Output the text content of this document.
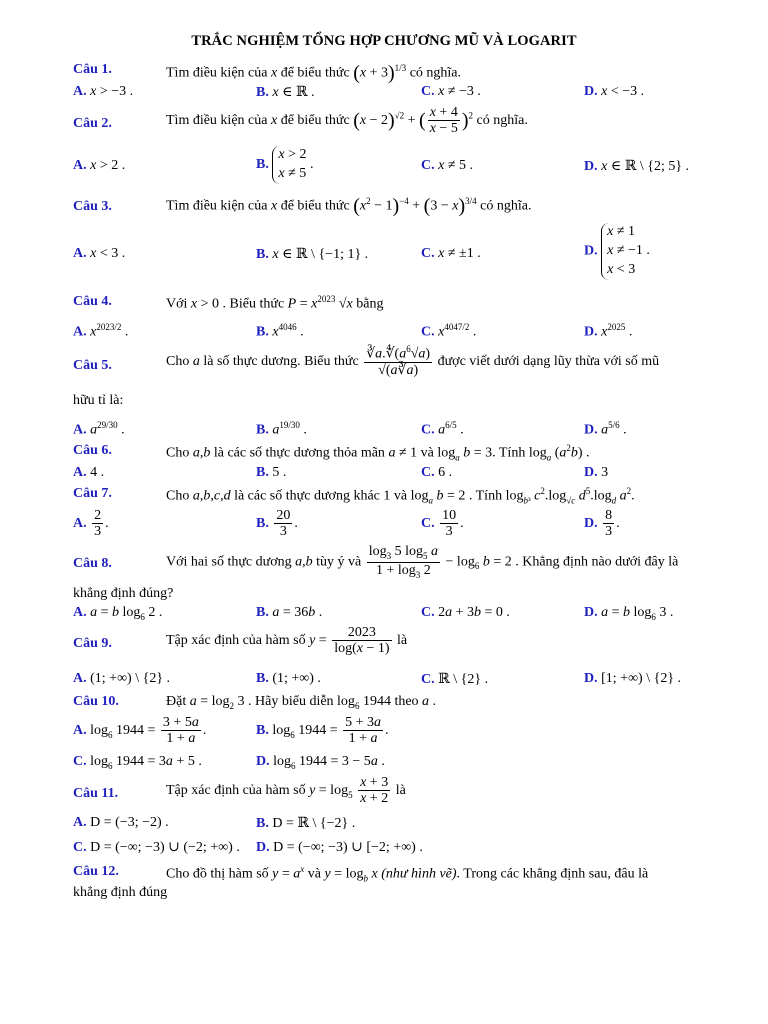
TRẮC NGHIỆM TỔNG HỢP CHƯƠNG MŨ VÀ LOGARIT
Câu 1.	Tìm điều kiện của x để biểu thức $(x + 3)^{1/3}$ có nghĩa.
A. x > −3 .	B. x ∈ ℝ .	C. x ≠ −3 .	D. x < −3 .
Câu 2.	Tìm điều kiện của x để biểu thức $(x - 2)^{√2}$ + ( $\frac{x + 4}{x - 5} )^2$ có nghĩa.
A. x > 2 .	B. x > 2
x ≠ 5 .	C. x ≠ 5 .	D. x ∈ ℝ \ {2; 5} .
Câu 3.	Tìm điều kiện của x để biểu thức $(x^2 - 1)^{-4} + (3 - x)^{3/4}$ có nghĩa.
A. x < 3 .	B. x ∈ ℝ \ {−1; 1} .	C. x ≠ ±1 .	D. x ≠ 1
x ≠ −1 .
x < 3
Câu 4.	Với x > 0 . Biểu thức $P = x^{2023}$ √x bằng
A. $x^{2023/2}$ .	B. $x^{4046}$ .	C. $x^{4047/2}$ .	D. $x^{2025}$ .
Câu 5.	Cho a là số thực dương. Biểu thức $\frac{∛a.∜(a^6√a)}{√(a∛a)}$ được viết dưới dạng lũy thừa với số mũ
hữu tỉ là:
A. $a^{29/30}$ .	B. $a^{19/30}$ .	C. $a^{6/5}$ .	D. $a^{5/6}$ .
Câu 6.	Cho a,b là các số thực dương thỏa mãn a ≠ 1 và $\log_a b = 3$. Tính $\log_a (a^2b)$ .
A. 4 .	B. 5 .	C. 6 .	D. 3
Câu 7.	Cho a,b,c,d là các số thực dương khác 1 và $\log_a b = 2$ . Tính $\log_{b^3} c^2.\log_{√c}$ $d^5.\log_d$ $a^2$.
A. $\frac{2}{3}$ .	B. $\frac{20}{3}$ .	C. $\frac{10}{3}$ .	D. $\frac{8}{3}$ .
Câu 8.	Với hai số thực dương a,b tùy ý và $\frac{\log_3 5 \log_5 a}{1 + \log_3 2} - \log_6 b = 2$ . Khẳng định nào dưới đây là
khẳng định đúng?
A. a = b $\log_6 2$ .	B. a = 36b .	C. 2a + 3b = 0 .	D. a = b $\log_6 3$ .
Câu 9.	Tập xác định của hàm số $y = \frac{2023}{\log(x - 1)}$ là
A. (1; +∞) \ {2} .	B. (1; +∞) .	C. ℝ \ {2} .	D. [1; +∞) \ {2} .
Câu 10.	Đặt $a = \log_2 3$ . Hãy biểu diễn $\log_6 1944$ theo a .
A. $\log_6 1944 = \frac{3 + 5a}{1 + a}$ .	B. $\log_6 1944 = \frac{5 + 3a}{1 + a}$ .
C. $\log_6 1944 = 3a + 5$ .	D. $\log_6 1944 = 3 - 5a$ .
Câu 11.	Tập xác định của hàm số $y = \log_5 \frac{x + 3}{x + 2}$ là
A. D = (−3; −2) .	B. D = ℝ \ {−2} .
C. D = (−∞; −3) ∪ (−2; +∞) . D. D = (−∞; −3) ∪ [−2; +∞) .
Câu 12.	Cho đồ thị hàm số $y = a^x$ và $y = \log_b x$ (như hình vẽ). Trong các khẳng định sau, đâu là
khẳng định đúng
